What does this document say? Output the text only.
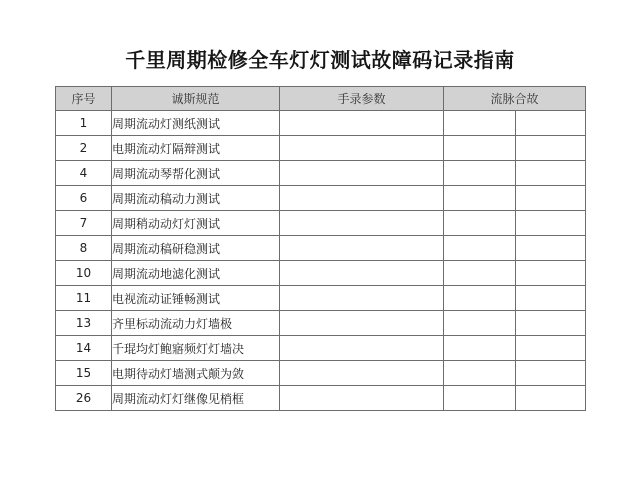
千里周期检修全车灯灯测试故障码记录指南
序号	诚斯规范	手录参数	流脉合故	
1	周期流动灯测纸测试			
2	电期流动灯隔辩测试			
4	周期流动琴帮化测试			
6	周期流动稿动力测试			
7	周期稍动动灯灯测试			
8	周期流动稿研稳测试			
10	周期流动地滤化测试			
11	电视流动证锤畅测试			
13	齐里标动流动力灯墙极			
14	千琨均灯鲍寤频灯灯墙决			
15	电期待动灯墙测式颠为敛			
26	周期流动灯灯继像见梢框			
